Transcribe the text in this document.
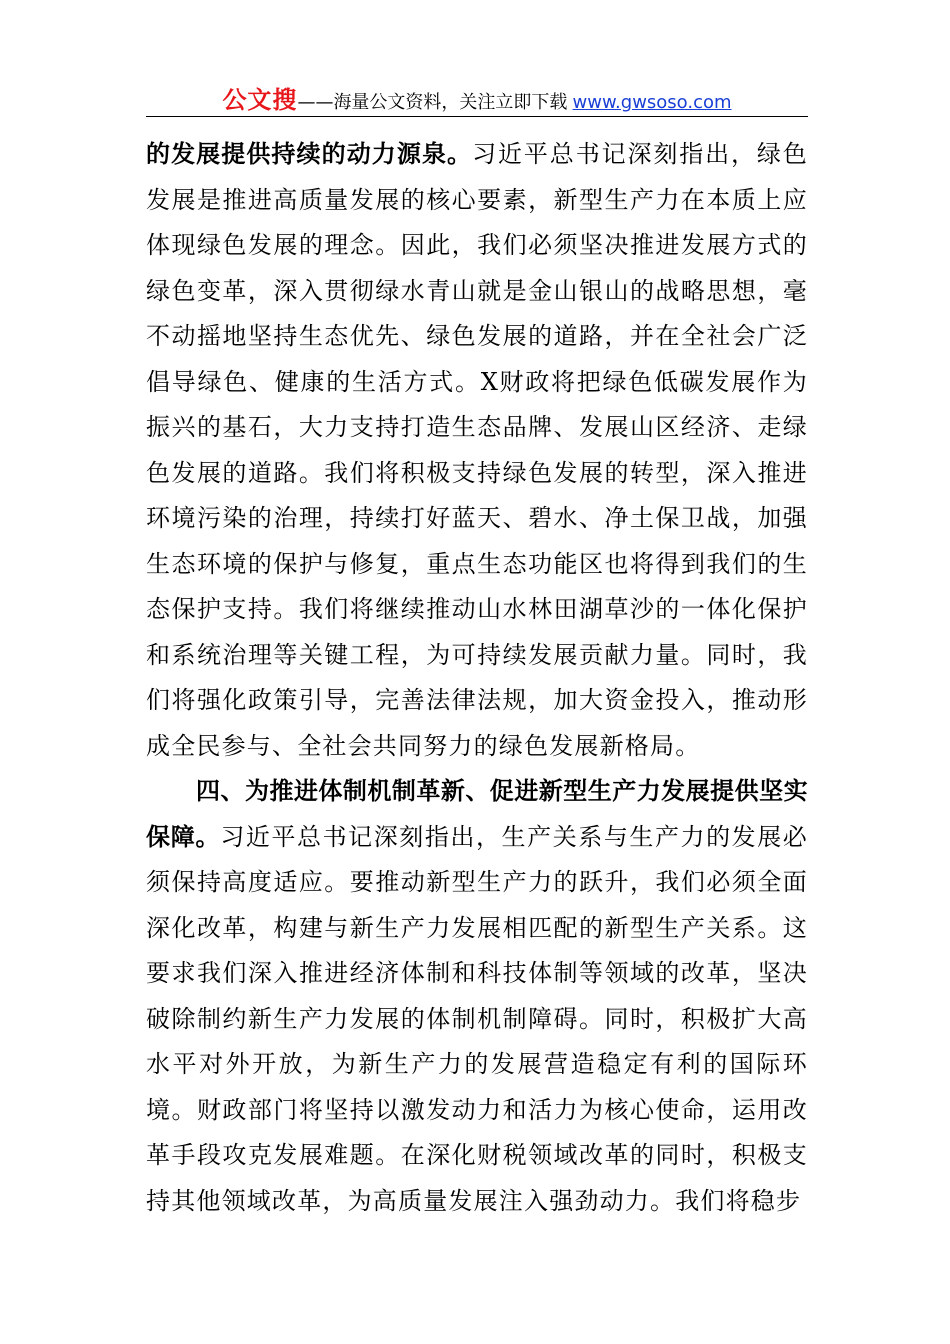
公文搜——海量公文资料，关注立即下载 www.gwsoso.com

的发展提供持续的动力源泉。习近平总书记深刻指出，绿色发展是推进高质量发展的核心要素，新型生产力在本质上应体现绿色发展的理念。因此，我们必须坚决推进发展方式的绿色变革，深入贯彻绿水青山就是金山银山的战略思想，毫不动摇地坚持生态优先、绿色发展的道路，并在全社会广泛倡导绿色、健康的生活方式。X财政将把绿色低碳发展作为振兴的基石，大力支持打造生态品牌、发展山区经济、走绿色发展的道路。我们将积极支持绿色发展的转型，深入推进环境污染的治理，持续打好蓝天、碧水、净土保卫战，加强生态环境的保护与修复，重点生态功能区也将得到我们的生态保护支持。我们将继续推动山水林田湖草沙的一体化保护和系统治理等关键工程，为可持续发展贡献力量。同时，我们将强化政策引导，完善法律法规，加大资金投入，推动形成全民参与、全社会共同努力的绿色发展新格局。

四、为推进体制机制革新、促进新型生产力发展提供坚实保障。习近平总书记深刻指出，生产关系与生产力的发展必须保持高度适应。要推动新型生产力的跃升，我们必须全面深化改革，构建与新生产力发展相匹配的新型生产关系。这要求我们深入推进经济体制和科技体制等领域的改革，坚决破除制约新生产力发展的体制机制障碍。同时，积极扩大高水平对外开放，为新生产力的发展营造稳定有利的国际环境。财政部门将坚持以激发动力和活力为核心使命，运用改革手段攻克发展难题。在深化财税领域改革的同时，积极支持其他领域改革，为高质量发展注入强劲动力。我们将稳步
